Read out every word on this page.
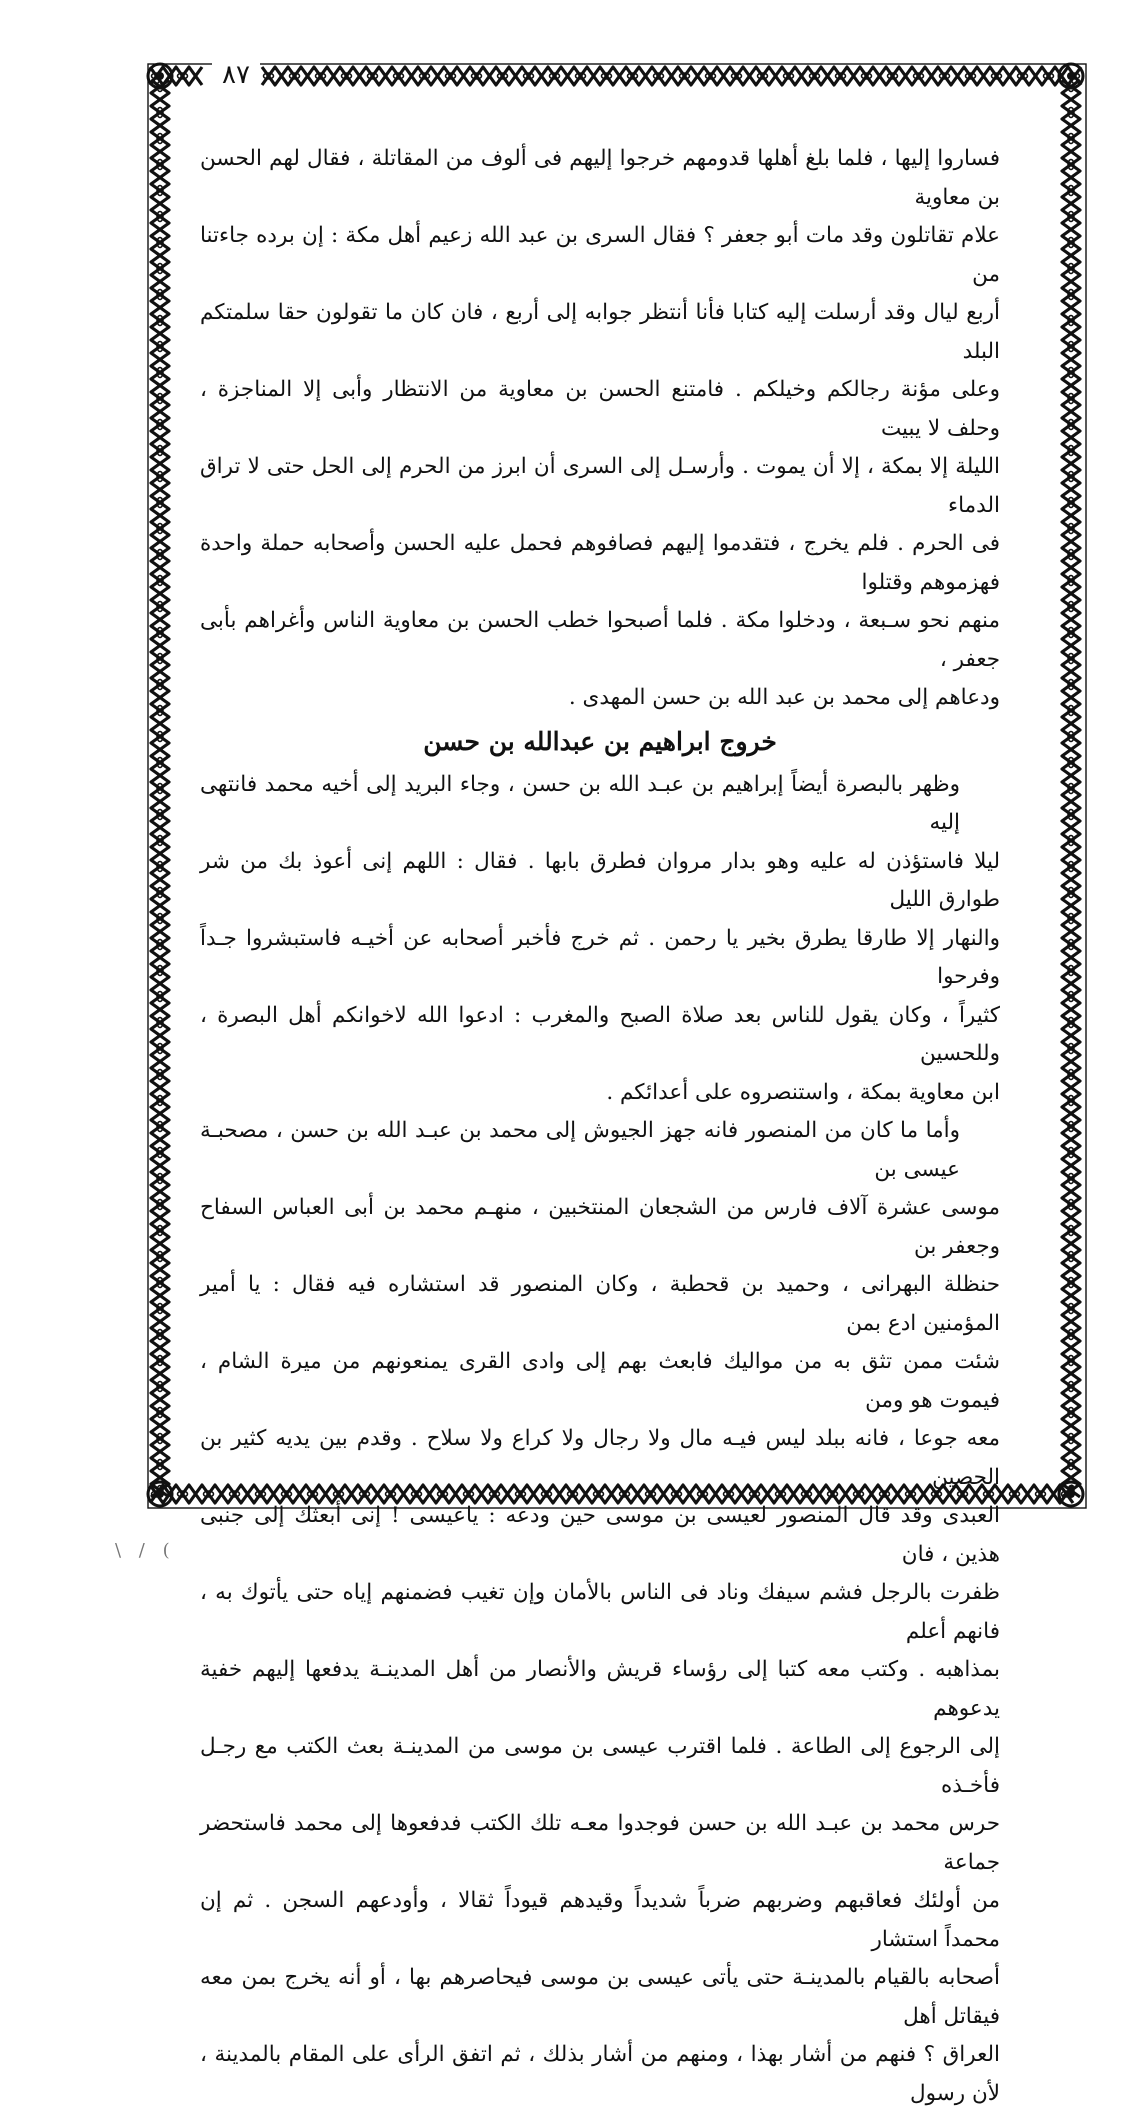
٨٧

فساروا إليها ، فلما بلغ أهلها قدومهم خرجوا إليهم فى ألوف من المقاتلة ، فقال لهم الحسن بن معاوية

علام تقاتلون وقد مات أبو جعفر ؟ فقال السرى بن عبد الله زعيم أهل مكة : إن برده جاءتنا من

أربع ليال وقد أرسلت إليه كتابا فأنا أنتظر جوابه إلى أربع ، فان كان ما تقولون حقا سلمتكم البلد

وعلى مؤنة رجالكم وخيلكم . فامتنع الحسن بن معاوية من الانتظار وأبى إلا المناجزة ، وحلف لا يبيت

الليلة إلا بمكة ، إلا أن يموت . وأرسـل إلى السرى أن ابرز من الحرم إلى الحل حتى لا تراق الدماء

فى الحرم . فلم يخرج ، فتقدموا إليهم فصافوهم فحمل عليه الحسن وأصحابه حملة واحدة فهزموهم وقتلوا

منهم نحو سـبعة ، ودخلوا مكة . فلما أصبحوا خطب الحسن بن معاوية الناس وأغراهم بأبى جعفر ،

ودعاهم إلى محمد بن عبد الله بن حسن المهدى .

خروج ابراهيم بن عبدالله بن حسن

وظهر بالبصرة أيضاً إبراهيم بن عبـد الله بن حسن ، وجاء البريد إلى أخيه محمد فانتهى إليه

ليلا فاستؤذن له عليه وهو بدار مروان فطرق بابها . فقال : اللهم إنى أعوذ بك من شر طوارق الليل

والنهار إلا طارقا يطرق بخير يا رحمن . ثم خرج فأخبر أصحابه عن أخيـه فاستبشروا جـداً وفرحوا

كثيراً ، وكان يقول للناس بعد صلاة الصبح والمغرب : ادعوا الله لاخوانكم أهل البصرة ، وللحسين

ابن معاوية بمكة ، واستنصروه على أعدائكم .

وأما ما كان من المنصور فانه جهز الجيوش إلى محمد بن عبـد الله بن حسن ، مصحبـة عيسى بن

موسى عشرة آلاف فارس من الشجعان المنتخبين ، منهـم محمد بن أبى العباس السفاح وجعفر بن

حنظلة البهرانى ، وحميد بن قحطبة ، وكان المنصور قد استشاره فيه فقال : يا أمير المؤمنين ادع بمن

شئت ممن تثق به من مواليك فابعث بهم إلى وادى القرى يمنعونهم من ميرة الشام ، فيموت هو ومن

معه جوعا ، فانه ببلد ليس فيـه مال ولا رجال ولا كراع ولا سلاح . وقدم بين يديه كثير بن الحصين

العبدى وقد قال المنصور لعيسى بن موسى حين ودعه : ياعيسى ! إنى أبعثك إلى جنبى هذين ، فان

ظفرت بالرجل فشم سيفك وناد فى الناس بالأمان وإن تغيب فضمنهم إياه حتى يأتوك به ، فانهم أعلم

بمذاهبه . وكتب معه كتبا إلى رؤساء قريش والأنصار من أهل المدينـة يدفعها إليهم خفية يدعوهم

إلى الرجوع إلى الطاعة . فلما اقترب عيسى بن موسى من المدينـة بعث الكتب مع رجـل فأخـذه

حرس محمد بن عبـد الله بن حسن فوجدوا معـه تلك الكتب فدفعوها إلى محمد فاستحضر جماعة

من أولئك فعاقبهم وضربهم ضرباً شديداً وقيدهم قيوداً ثقالا ، وأودعهم السجن . ثم إن محمداً استشار

أصحابه بالقيام بالمدينـة حتى يأتى عيسى بن موسى فيحاصرهم بها ، أو أنه يخرج بمن معه فيقاتل أهل

العراق ؟ فنهم من أشار بهذا ، ومنهم من أشار بذلك ، ثم اتفق الرأى على المقام بالمدينة ، لأن رسول

\ / (
